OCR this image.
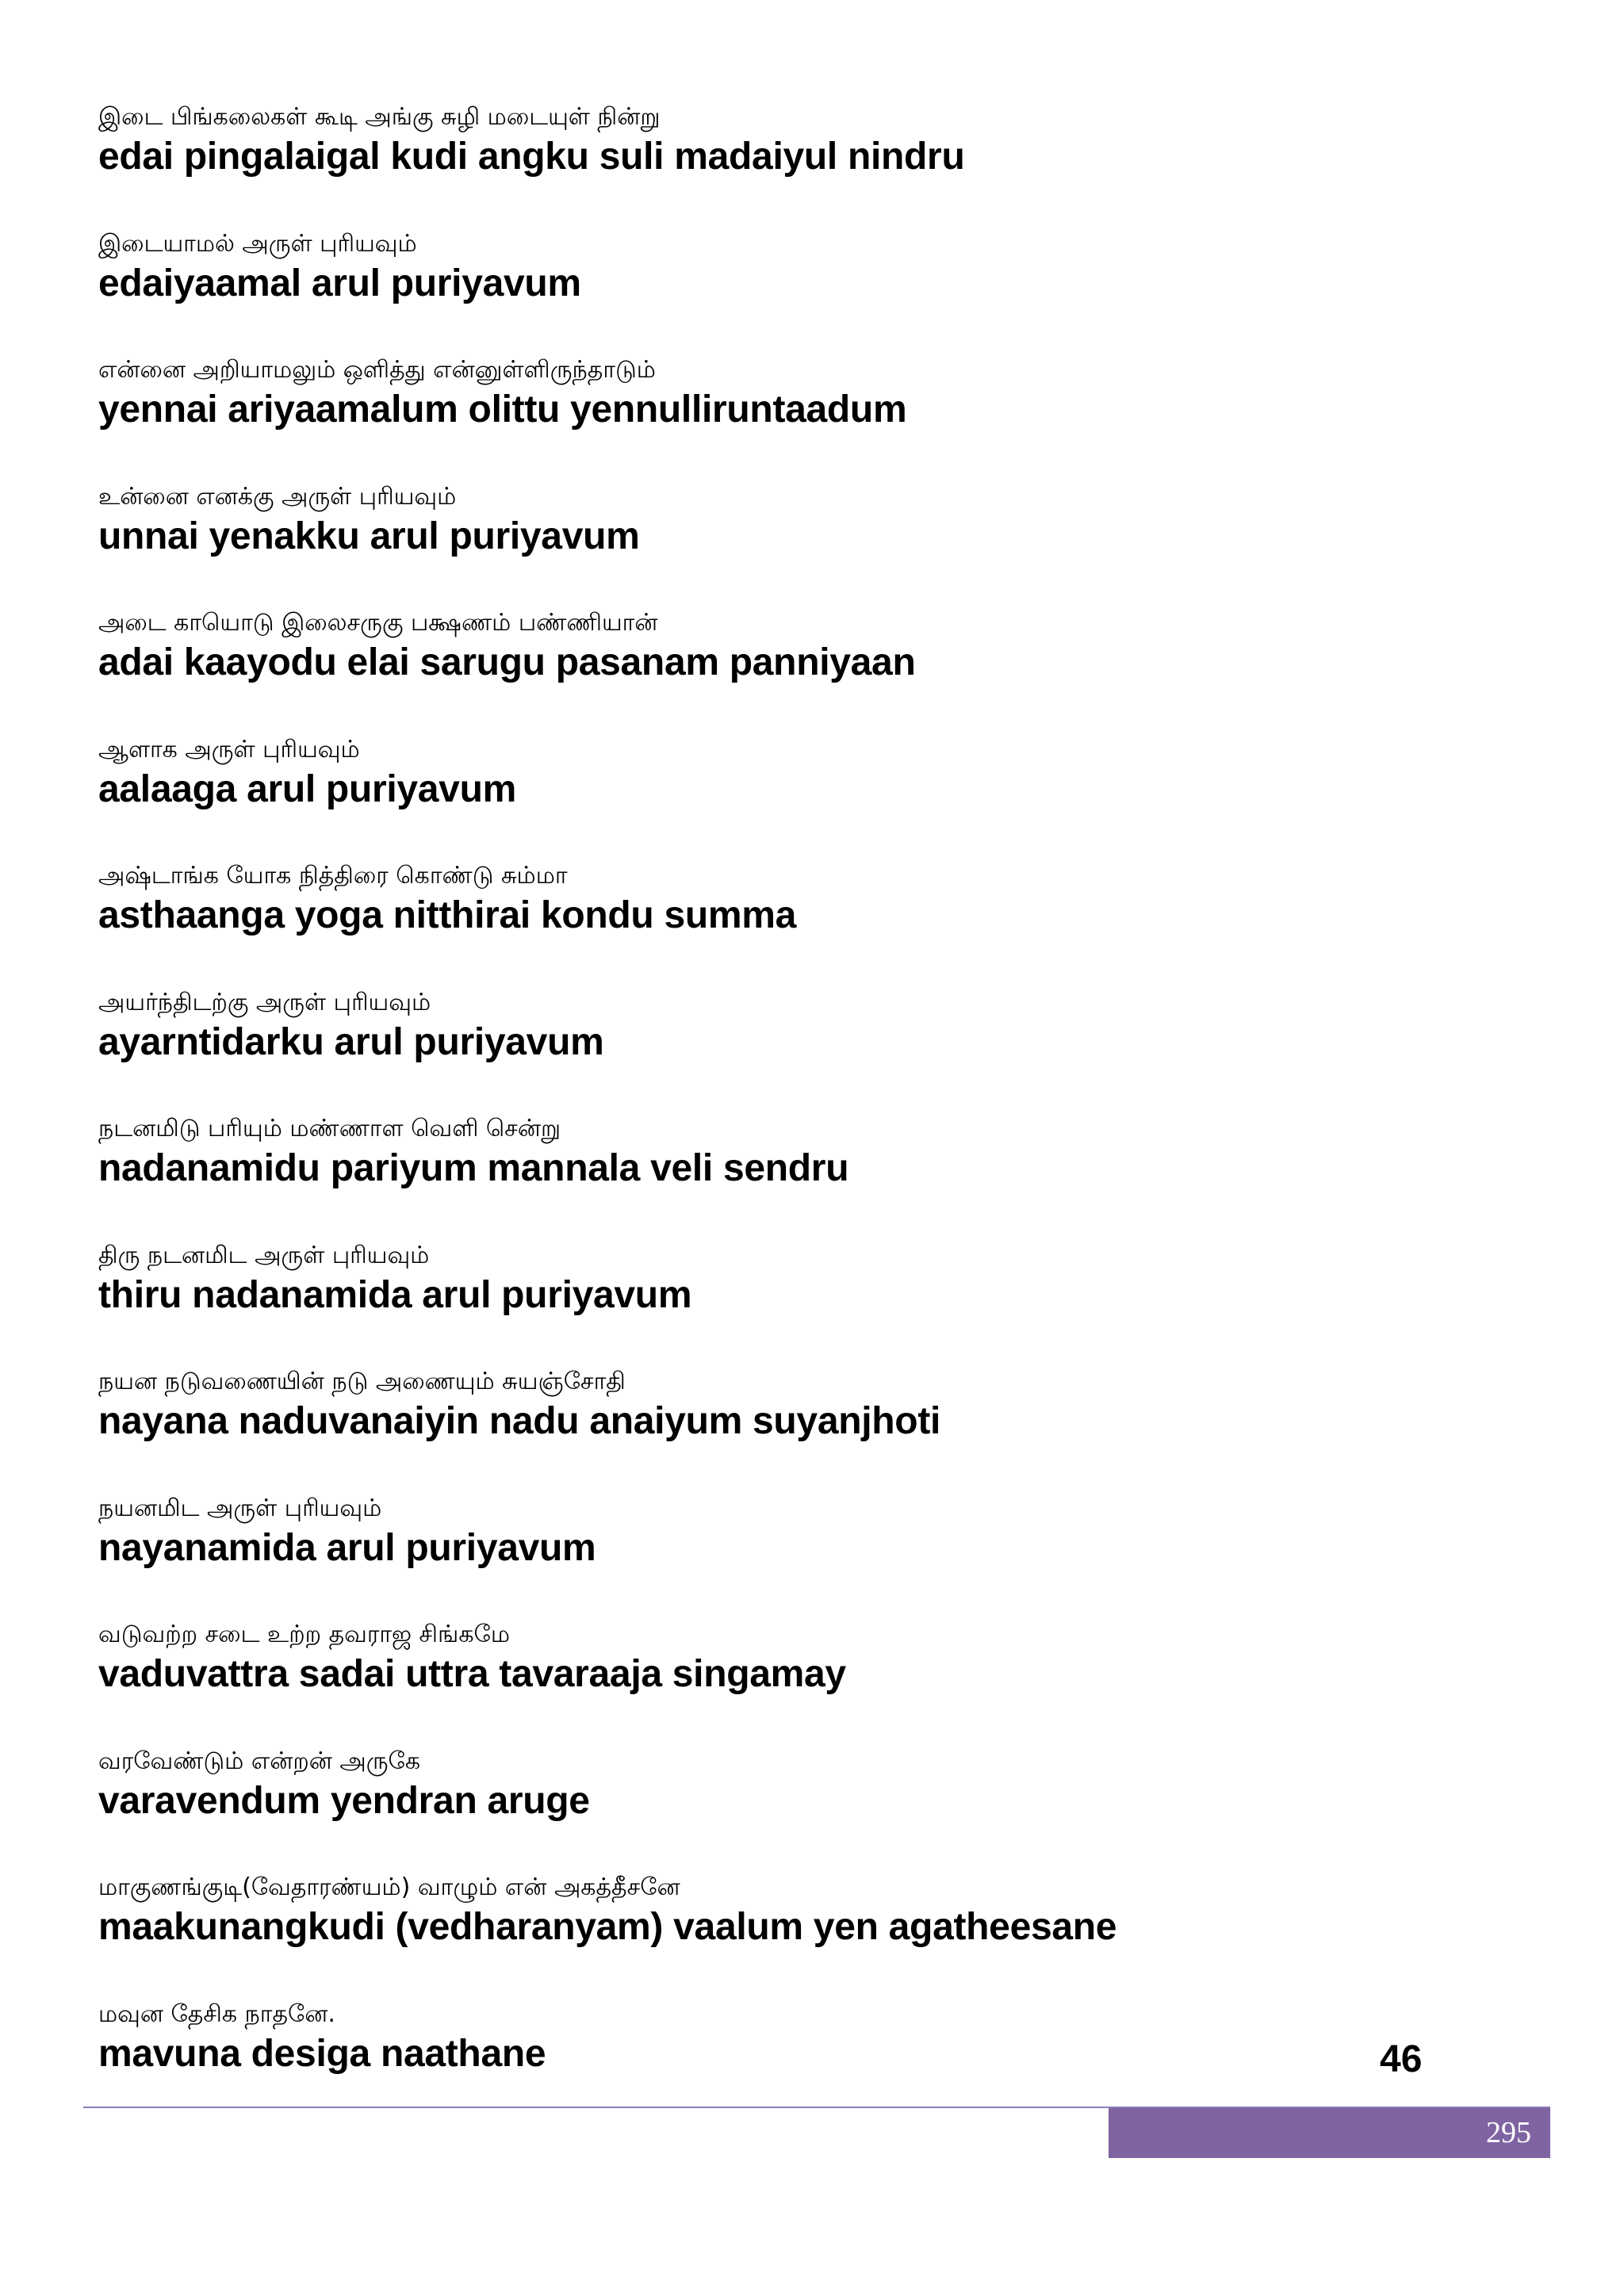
இடை பிங்கலைகள் கூடி அங்கு சுழி மடையுள் நின்று
edai pingalaigal kudi angku suli madaiyul nindru
இடையாமல் அருள் புரியவும்
edaiyaamal arul puriyavum
என்னை அறியாமலும் ஒளித்து என்னுள்ளிருந்தாடும்
yennai ariyaamalum olittu yennulliruntaadum
உன்னை எனக்கு அருள் புரியவும்
unnai yenakku arul puriyavum
அடை காயொடு இலைசருகு பக்ஷணம் பண்ணியான்
adai kaayodu elai sarugu pasanam panniyaan
ஆளாக அருள் புரியவும்
aalaaga arul puriyavum
அஷ்டாங்க யோக நித்திரை கொண்டு சும்மா
asthaanga yoga nitthirai kondu summa
அயர்ந்திடற்கு அருள் புரியவும்
ayarntidarku arul puriyavum
நடனமிடு பரியும் மண்ணாள வெளி சென்று
nadanamidu pariyum mannala veli sendru
திரு நடனமிட அருள் புரியவும்
thiru nadanamida arul puriyavum
நயன நடுவணையின் நடு அணையும் சுயஞ்சோதி
nayana naduvanaiyin nadu anaiyum suyanjhoti
நயனமிட அருள் புரியவும்
nayanamida arul puriyavum
வடுவற்ற சடை உற்ற தவராஜ சிங்கமே
vaduvattra sadai uttra tavaraaja singamay
வரவேண்டும் என்றன் அருகே
varavendum yendran aruge
மாகுணங்குடி(வேதாரண்யம்) வாழும் என் அகத்தீசனே
maakunangkudi (vedharanyam) vaalum yen agatheesane
மவுன தேசிக நாதனே.
mavuna desiga naathane	46
295
